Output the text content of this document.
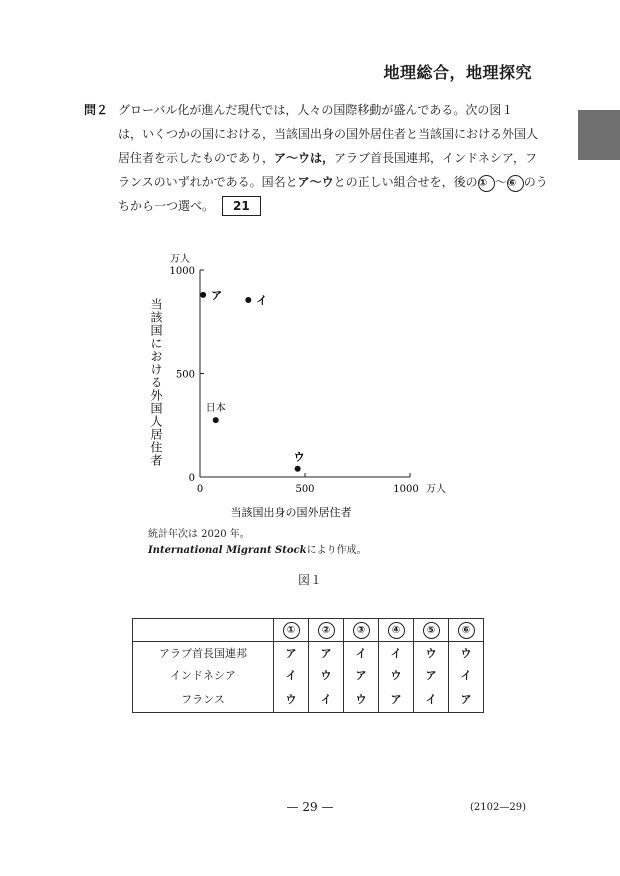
地理総合，地理探究
問２ グローバル化が進んだ現代では，人々の国際移動が盛んである。次の図１
は，いくつかの国における，当該国出身の国外居住者と当該国における外国人
居住者を示したものであり，ア～ウは，アラブ首長国連邦，インドネシア，フ
ランスのいずれかである。国名とア～ウとの正しい組合せを，後の① ～⑥ のう
ちから一つ選べ。 21
0	500	1000 万人
0
500
1000
万人
当該国における外国人居住者
当該国出身の国外居住者
ア	イ
日本
ウ
統計年次は 2020 年。
International Migrant Stockにより作成。
図１
	①	②	③	④	⑤	⑥
アラブ首長国連邦	ア	ア	イ	イ	ウ	ウ
インドネシア	イ	ウ	ア	ウ	ア	イ
フランス	ウ	イ	ウ	ア	イ	ア
— 29 —	(2102—29)
